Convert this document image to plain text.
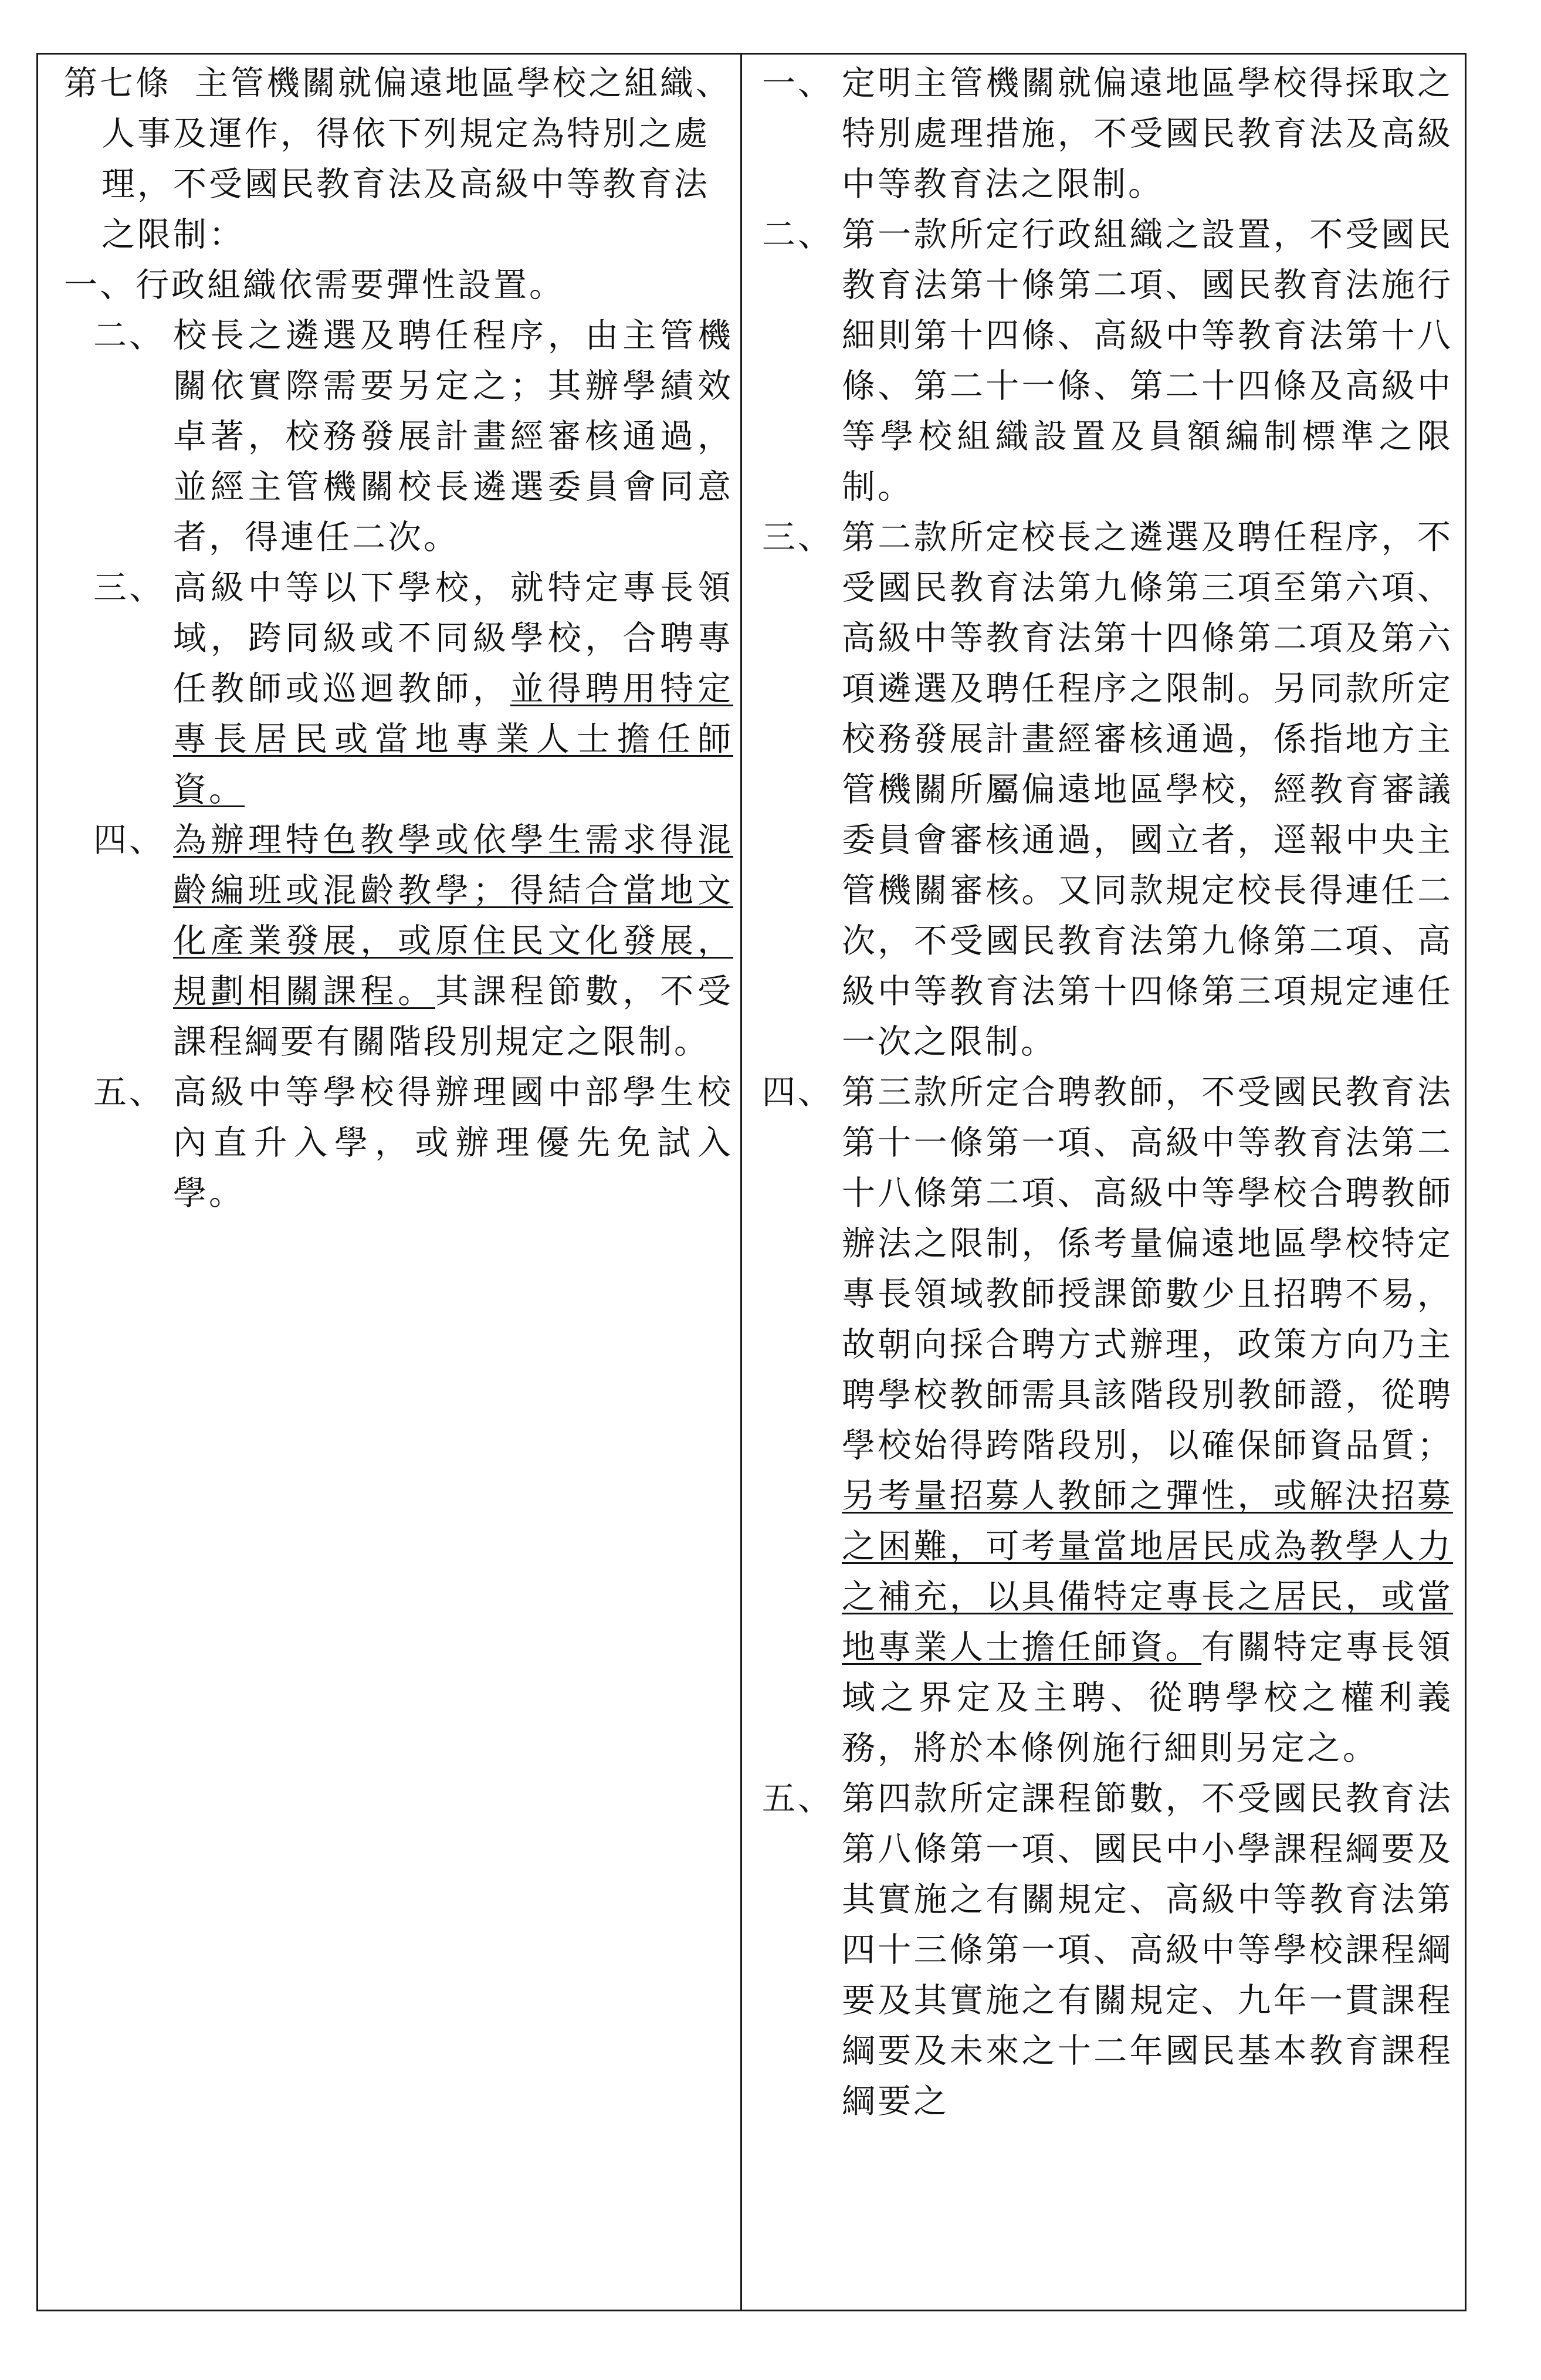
第七條 主管機關就偏遠地區學校之組織、人事及運作，得依下列規定為特別之處理，不受國民教育法及高級中等教育法之限制：

一、 行政組織依需要彈性設置。
二、 校長之遴選及聘任程序，由主管機關依實際需要另定之；其辦學績效卓著，校務發展計畫經審核通過，並經主管機關校長遴選委員會同意者，得連任二次。
三、 高級中等以下學校，就特定專長領域，跨同級或不同級學校，合聘專任教師或巡迴教師，並得聘用特定專長居民或當地專業人士擔任師資。
四、 為辦理特色教學或依學生需求得混齡編班或混齡教學；得結合當地文化產業發展，或原住民文化發展，規劃相關課程。其課程節數，不受課程綱要有關階段別規定之限制。
五、 高級中等學校得辦理國中部學生校內直升入學，或辦理優先免試入學。
一、 定明主管機關就偏遠地區學校得採取之特別處理措施，不受國民教育法及高級中等教育法之限制。
二、 第一款所定行政組織之設置，不受國民教育法第十條第二項、國民教育法施行細則第十四條、高級中等教育法第十八條、第二十一條、第二十四條及高級中等學校組織設置及員額編制標準之限制。
三、 第二款所定校長之遴選及聘任程序，不受國民教育法第九條第三項至第六項、高級中等教育法第十四條第二項及第六項遴選及聘任程序之限制。另同款所定校務發展計畫經審核通過，係指地方主管機關所屬偏遠地區學校，經教育審議委員會審核通過，國立者，逕報中央主管機關審核。又同款規定校長得連任二次，不受國民教育法第九條第二項、高級中等教育法第十四條第三項規定連任一次之限制。
四、 第三款所定合聘教師，不受國民教育法第十一條第一項、高級中等教育法第二十八條第二項、高級中等學校合聘教師辦法之限制，係考量偏遠地區學校特定專長領域教師授課節數少且招聘不易，故朝向採合聘方式辦理，政策方向乃主聘學校教師需具該階段別教師證，從聘學校始得跨階段別，以確保師資品質；另考量招募人教師之彈性，或解決招募之困難，可考量當地居民成為教學人力之補充，以具備特定專長之居民，或當地專業人士擔任師資。有關特定專長領域之界定及主聘、從聘學校之權利義務，將於本條例施行細則另定之。
五、 第四款所定課程節數，不受國民教育法第八條第一項、國民中小學課程綱要及其實施之有關規定、高級中等教育法第四十三條第一項、高級中等學校課程綱要及其實施之有關規定、九年一貫課程綱要及未來之十二年國民基本教育課程綱要之
